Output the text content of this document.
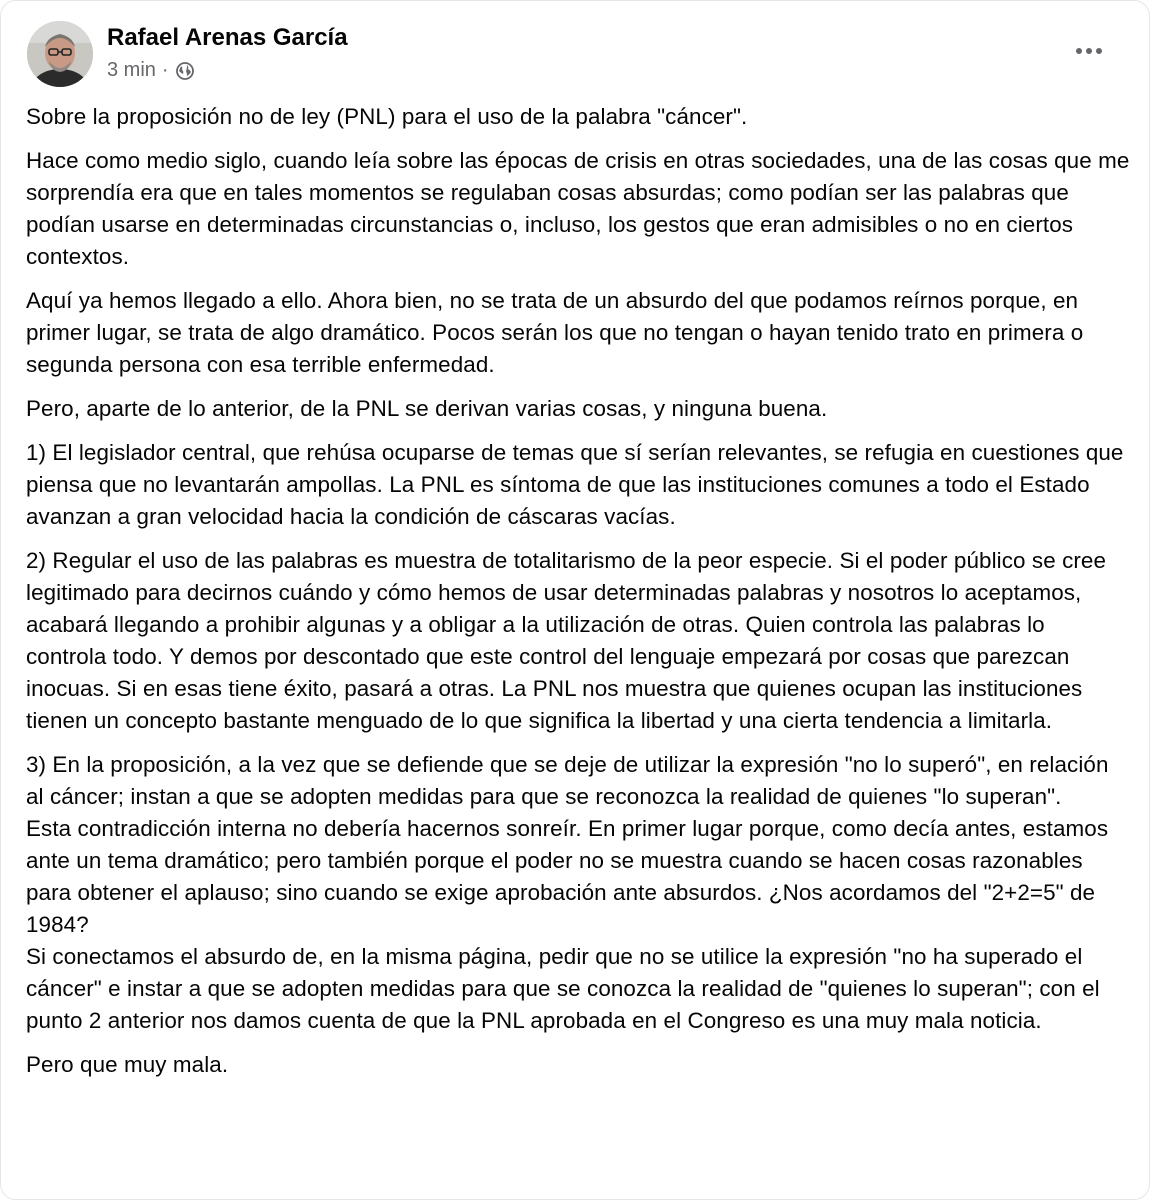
Rafael Arenas García
3 min ·

Sobre la proposición no de ley (PNL) para el uso de la palabra "cáncer".

Hace como medio siglo, cuando leía sobre las épocas de crisis en otras sociedades, una de las cosas que me sorprendía era que en tales momentos se regulaban cosas absurdas; como podían ser las palabras que podían usarse en determinadas circunstancias o, incluso, los gestos que eran admisibles o no en ciertos contextos.

Aquí ya hemos llegado a ello. Ahora bien, no se trata de un absurdo del que podamos reírnos porque, en primer lugar, se trata de algo dramático. Pocos serán los que no tengan o hayan tenido trato en primera o segunda persona con esa terrible enfermedad.

Pero, aparte de lo anterior, de la PNL se derivan varias cosas, y ninguna buena.

1) El legislador central, que rehúsa ocuparse de temas que sí serían relevantes, se refugia en cuestiones que piensa que no levantarán ampollas. La PNL es síntoma de que las instituciones comunes a todo el Estado avanzan a gran velocidad hacia la condición de cáscaras vacías.

2) Regular el uso de las palabras es muestra de totalitarismo de la peor especie. Si el poder público se cree legitimado para decirnos cuándo y cómo hemos de usar determinadas palabras y nosotros lo aceptamos, acabará llegando a prohibir algunas y a obligar a la utilización de otras. Quien controla las palabras lo controla todo. Y demos por descontado que este control del lenguaje empezará por cosas que parezcan inocuas. Si en esas tiene éxito, pasará a otras. La PNL nos muestra que quienes ocupan las instituciones tienen un concepto bastante menguado de lo que significa la libertad y una cierta tendencia a limitarla.

3) En la proposición, a la vez que se defiende que se deje de utilizar la expresión "no lo superó", en relación al cáncer; instan a que se adopten medidas para que se reconozca la realidad de quienes "lo superan".

Esta contradicción interna no debería hacernos sonreír. En primer lugar porque, como decía antes, estamos ante un tema dramático; pero también porque el poder no se muestra cuando se hacen cosas razonables para obtener el aplauso; sino cuando se exige aprobación ante absurdos. ¿Nos acordamos del "2+2=5" de 1984?

Si conectamos el absurdo de, en la misma página, pedir que no se utilice la expresión "no ha superado el cáncer" e instar a que se adopten medidas para que se conozca la realidad de "quienes lo superan"; con el punto 2 anterior nos damos cuenta de que la PNL aprobada en el Congreso es una muy mala noticia.

Pero que muy mala.
